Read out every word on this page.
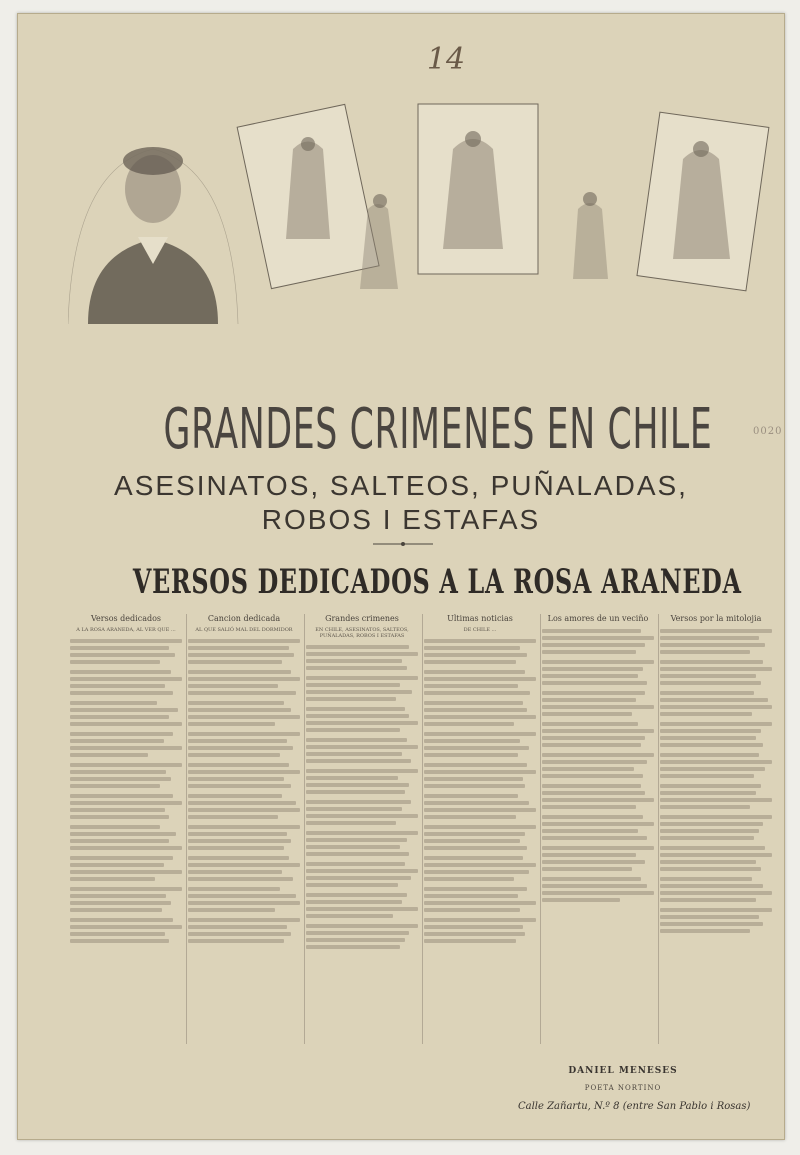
14
0020
GRANDES CRIMENES EN CHILE
ASESINATOS, SALTEOS, PUÑALADAS,
ROBOS I ESTAFAS
VERSOS DEDICADOS A LA ROSA ARANEDA
Versos dedicados
A LA ROSA ARANEDA, AL VER QUE ...
Cancion dedicada
AL QUE SALIÓ MAL DEL DORMIDOR
Grandes crimenes
EN CHILE, ASESINATOS, SALTEOS, PUÑALADAS, ROBOS I ESTAFAS
Ultimas noticias
DE CHILE ...
Los amores de un veciño	Versos por la mitolojia
DANIEL MENESES
POETA NORTINO
Calle Zañartu, N.º 8 (entre San Pablo i Rosas)
